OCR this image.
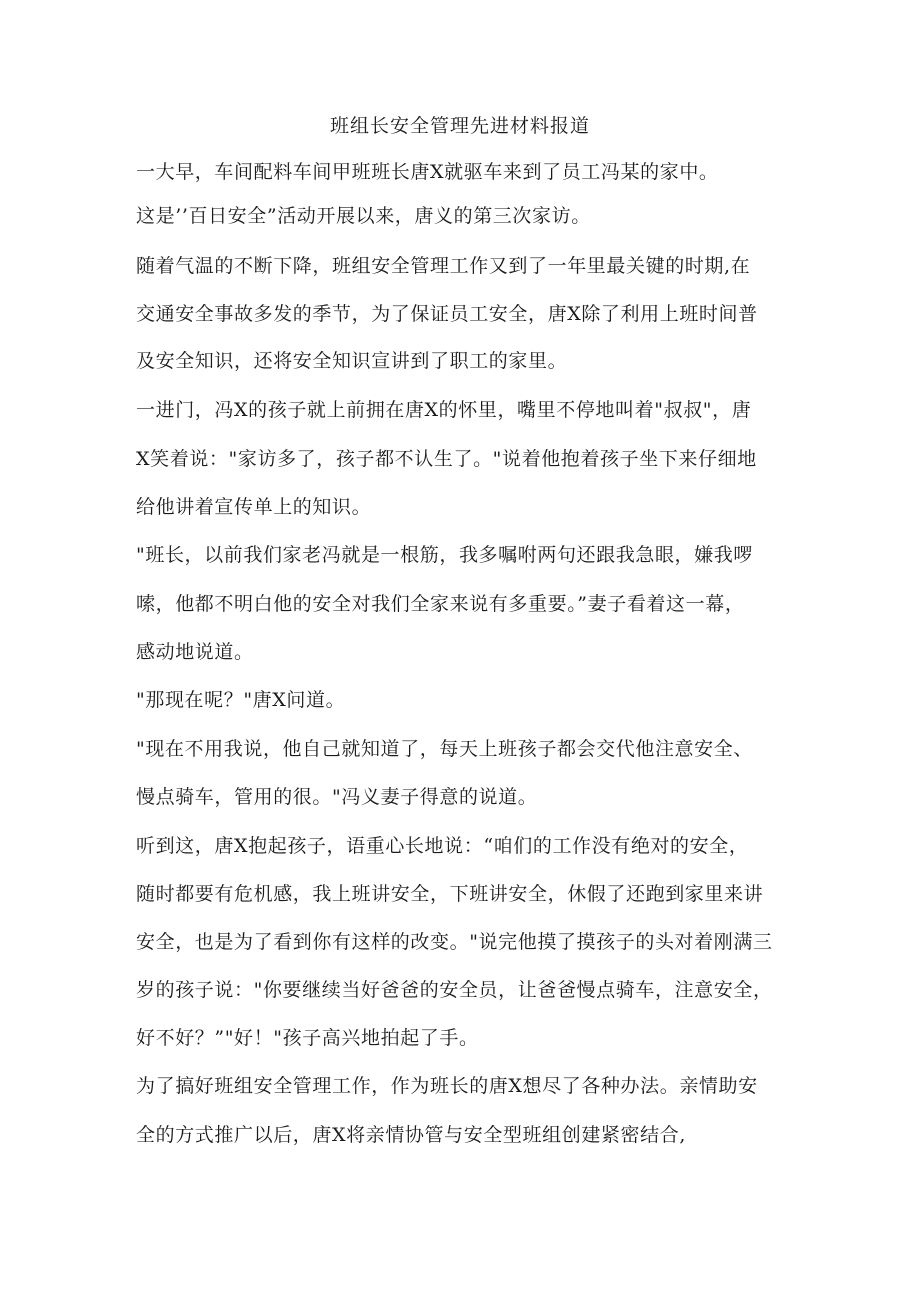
班组长安全管理先进材料报道
一大早，车间配料车间甲班班长唐X就驱车来到了员工冯某的家中。
这是’’百日安全”活动开展以来，唐义的第三次家访。
随着气温的不断下降，班组安全管理工作又到了一年里最关键的时期,在
交通安全事故多发的季节，为了保证员工安全，唐X除了利用上班时间普
及安全知识，还将安全知识宣讲到了职工的家里。
一进门，冯X的孩子就上前拥在唐X的怀里，嘴里不停地叫着"叔叔"，唐
X笑着说："家访多了，孩子都不认生了。"说着他抱着孩子坐下来仔细地
给他讲着宣传单上的知识。
"班长，以前我们家老冯就是一根筋，我多嘱咐两句还跟我急眼，嫌我啰
嗦，他都不明白他的安全对我们全家来说有多重要。”妻子看着这一幕，
感动地说道。
"那现在呢？"唐X问道。
"现在不用我说，他自己就知道了，每天上班孩子都会交代他注意安全、
慢点骑车，管用的很。"冯义妻子得意的说道。
听到这，唐X抱起孩子，语重心长地说：“咱们的工作没有绝对的安全，
随时都要有危机感，我上班讲安全，下班讲安全，休假了还跑到家里来讲
安全，也是为了看到你有这样的改变。"说完他摸了摸孩子的头对着刚满三
岁的孩子说："你要继续当好爸爸的安全员，让爸爸慢点骑车，注意安全，
好不好？”"好！"孩子高兴地拍起了手。
为了搞好班组安全管理工作，作为班长的唐X想尽了各种办法。亲情助安
全的方式推广以后，唐X将亲情协管与安全型班组创建紧密结合,
